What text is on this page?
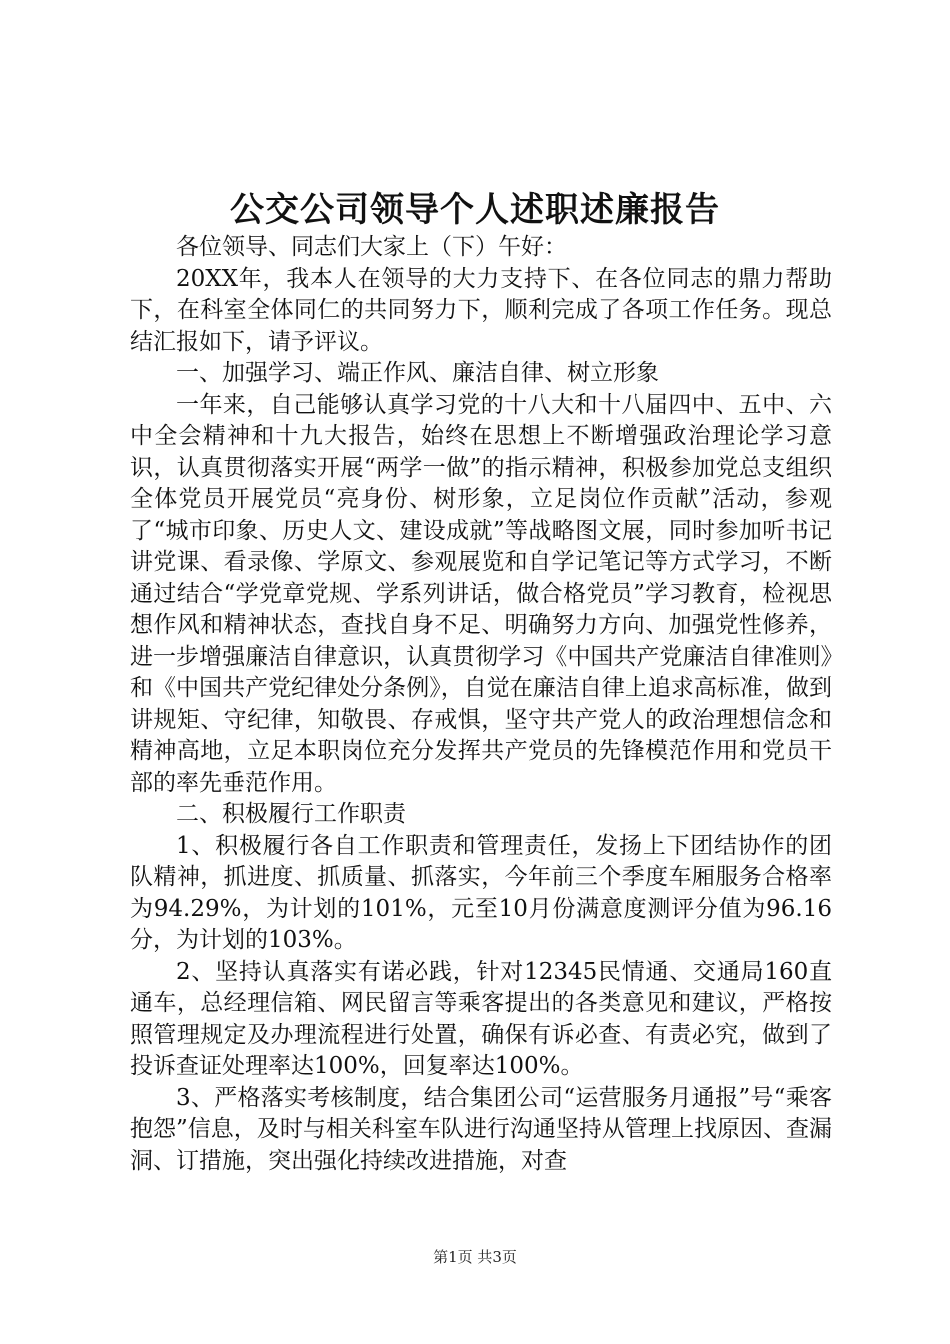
公交公司领导个人述职述廉报告

各位领导、同志们大家上（下）午好：

20XX年，我本人在领导的大力支持下、在各位同志的鼎力帮助下，在科室全体同仁的共同努力下，顺利完成了各项工作任务。现总结汇报如下，请予评议。

一、加强学习、端正作风、廉洁自律、树立形象

一年来，自己能够认真学习党的十八大和十八届四中、五中、六中全会精神和十九大报告，始终在思想上不断增强政治理论学习意识，认真贯彻落实开展“两学一做”的指示精神，积极参加党总支组织全体党员开展党员“亮身份、树形象，立足岗位作贡献”活动，参观了“城市印象、历史人文、建设成就”等战略图文展，同时参加听书记讲党课、看录像、学原文、参观展览和自学记笔记等方式学习，不断通过结合“学党章党规、学系列讲话，做合格党员”学习教育，检视思想作风和精神状态，查找自身不足、明确努力方向、加强党性修养，进一步增强廉洁自律意识，认真贯彻学习《中国共产党廉洁自律准则》和《中国共产党纪律处分条例》，自觉在廉洁自律上追求高标准，做到讲规矩、守纪律，知敬畏、存戒惧，坚守共产党人的政治理想信念和精神高地，立足本职岗位充分发挥共产党员的先锋模范作用和党员干部的率先垂范作用。

二、积极履行工作职责

1、积极履行各自工作职责和管理责任，发扬上下团结协作的团队精神，抓进度、抓质量、抓落实，今年前三个季度车厢服务合格率为94.29%，为计划的101%，元至10月份满意度测评分值为96.16分，为计划的103%。

2、坚持认真落实有诺必践，针对12345民情通、交通局160直通车，总经理信箱、网民留言等乘客提出的各类意见和建议，严格按照管理规定及办理流程进行处置，确保有诉必查、有责必究，做到了投诉查证处理率达100%，回复率达100%。

3、严格落实考核制度，结合集团公司“运营服务月通报”号“乘客抱怨”信息，及时与相关科室车队进行沟通坚持从管理上找原因、查漏洞、订措施，突出强化持续改进措施，对查

第1页 共3页
